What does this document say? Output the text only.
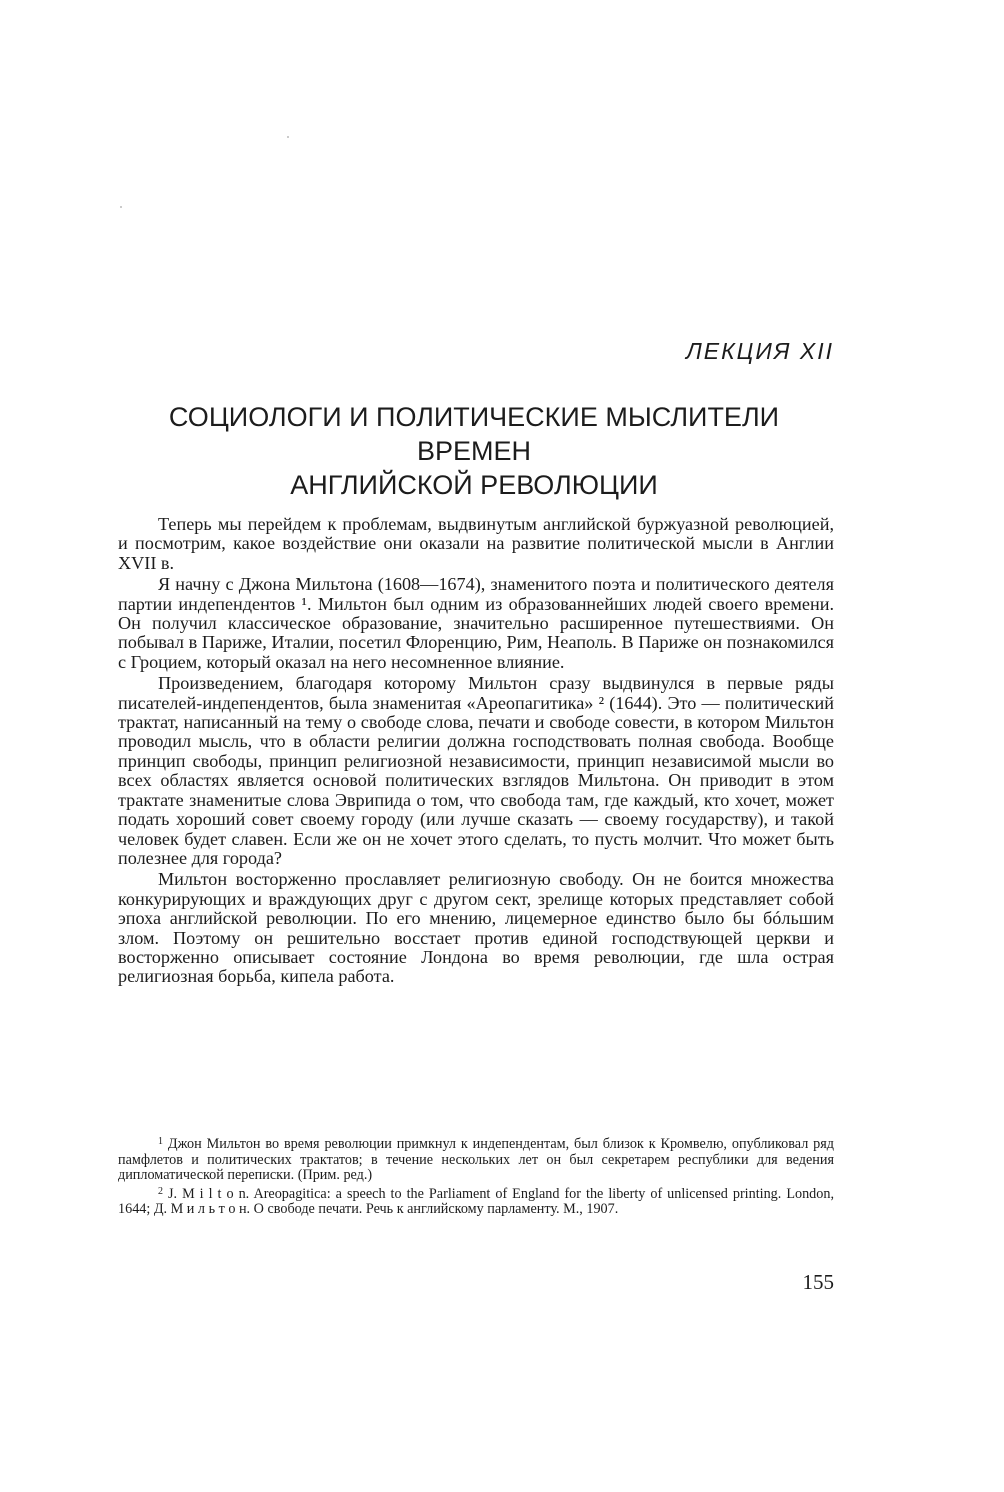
ЛЕКЦИЯ XII
СОЦИОЛОГИ И ПОЛИТИЧЕСКИЕ МЫСЛИТЕЛИ ВРЕМЕН
АНГЛИЙСКОЙ РЕВОЛЮЦИИ

Теперь мы перейдем к проблемам, выдвинутым английской буржуазной революцией, и посмотрим, какое воздействие они оказали на развитие политической мысли в Англии XVII в.

Я начну с Джона Мильтона (1608—1674), знаменитого поэта и политического деятеля партии индепендентов ¹. Мильтон был одним из образованнейших людей своего времени. Он получил классическое образование, значительно расширенное путешествиями. Он побывал в Париже, Италии, посетил Флоренцию, Рим, Неаполь. В Париже он познакомился с Гроцием, который оказал на него несомненное влияние.

Произведением, благодаря которому Мильтон сразу выдвинулся в первые ряды писателей-индепендентов, была знаменитая «Ареопагитика» ² (1644). Это — политический трактат, написанный на тему о свободе слова, печати и свободе совести, в котором Мильтон проводил мысль, что в области религии должна господствовать полная свобода. Вообще принцип свободы, принцип религиозной независимости, принцип независимой мысли во всех областях является основой политических взглядов Мильтона. Он приводит в этом трактате знаменитые слова Эврипида о том, что свобода там, где каждый, кто хочет, может подать хороший совет своему городу (или лучше сказать — своему государству), и такой человек будет славен. Если же он не хочет этого сделать, то пусть молчит. Что может быть полезнее для города?

Мильтон восторженно прославляет религиозную свободу. Он не боится множества конкурирующих и враждующих друг с другом сект, зрелище которых представляет собой эпоха английской революции. По его мнению, лицемерное единство было бы бóльшим злом. Поэтому он решительно восстает против единой господствующей церкви и восторженно описывает состояние Лондона во время революции, где шла острая религиозная борьба, кипела работа.

$^1$ Джон Мильтон во время революции примкнул к индепендентам, был близок к Кромвелю, опубликовал ряд памфлетов и политических трактатов; в течение нескольких лет он был секретарем республики для ведения дипломатической переписки. (Прим. ред.)

$^2$ J. M i l t o n. Areopagitica: a speech to the Parliament of England for the liberty of unlicensed printing. London, 1644; Д. М и л ь т о н. О свободе печати. Речь к английскому парламенту. М., 1907.

155
